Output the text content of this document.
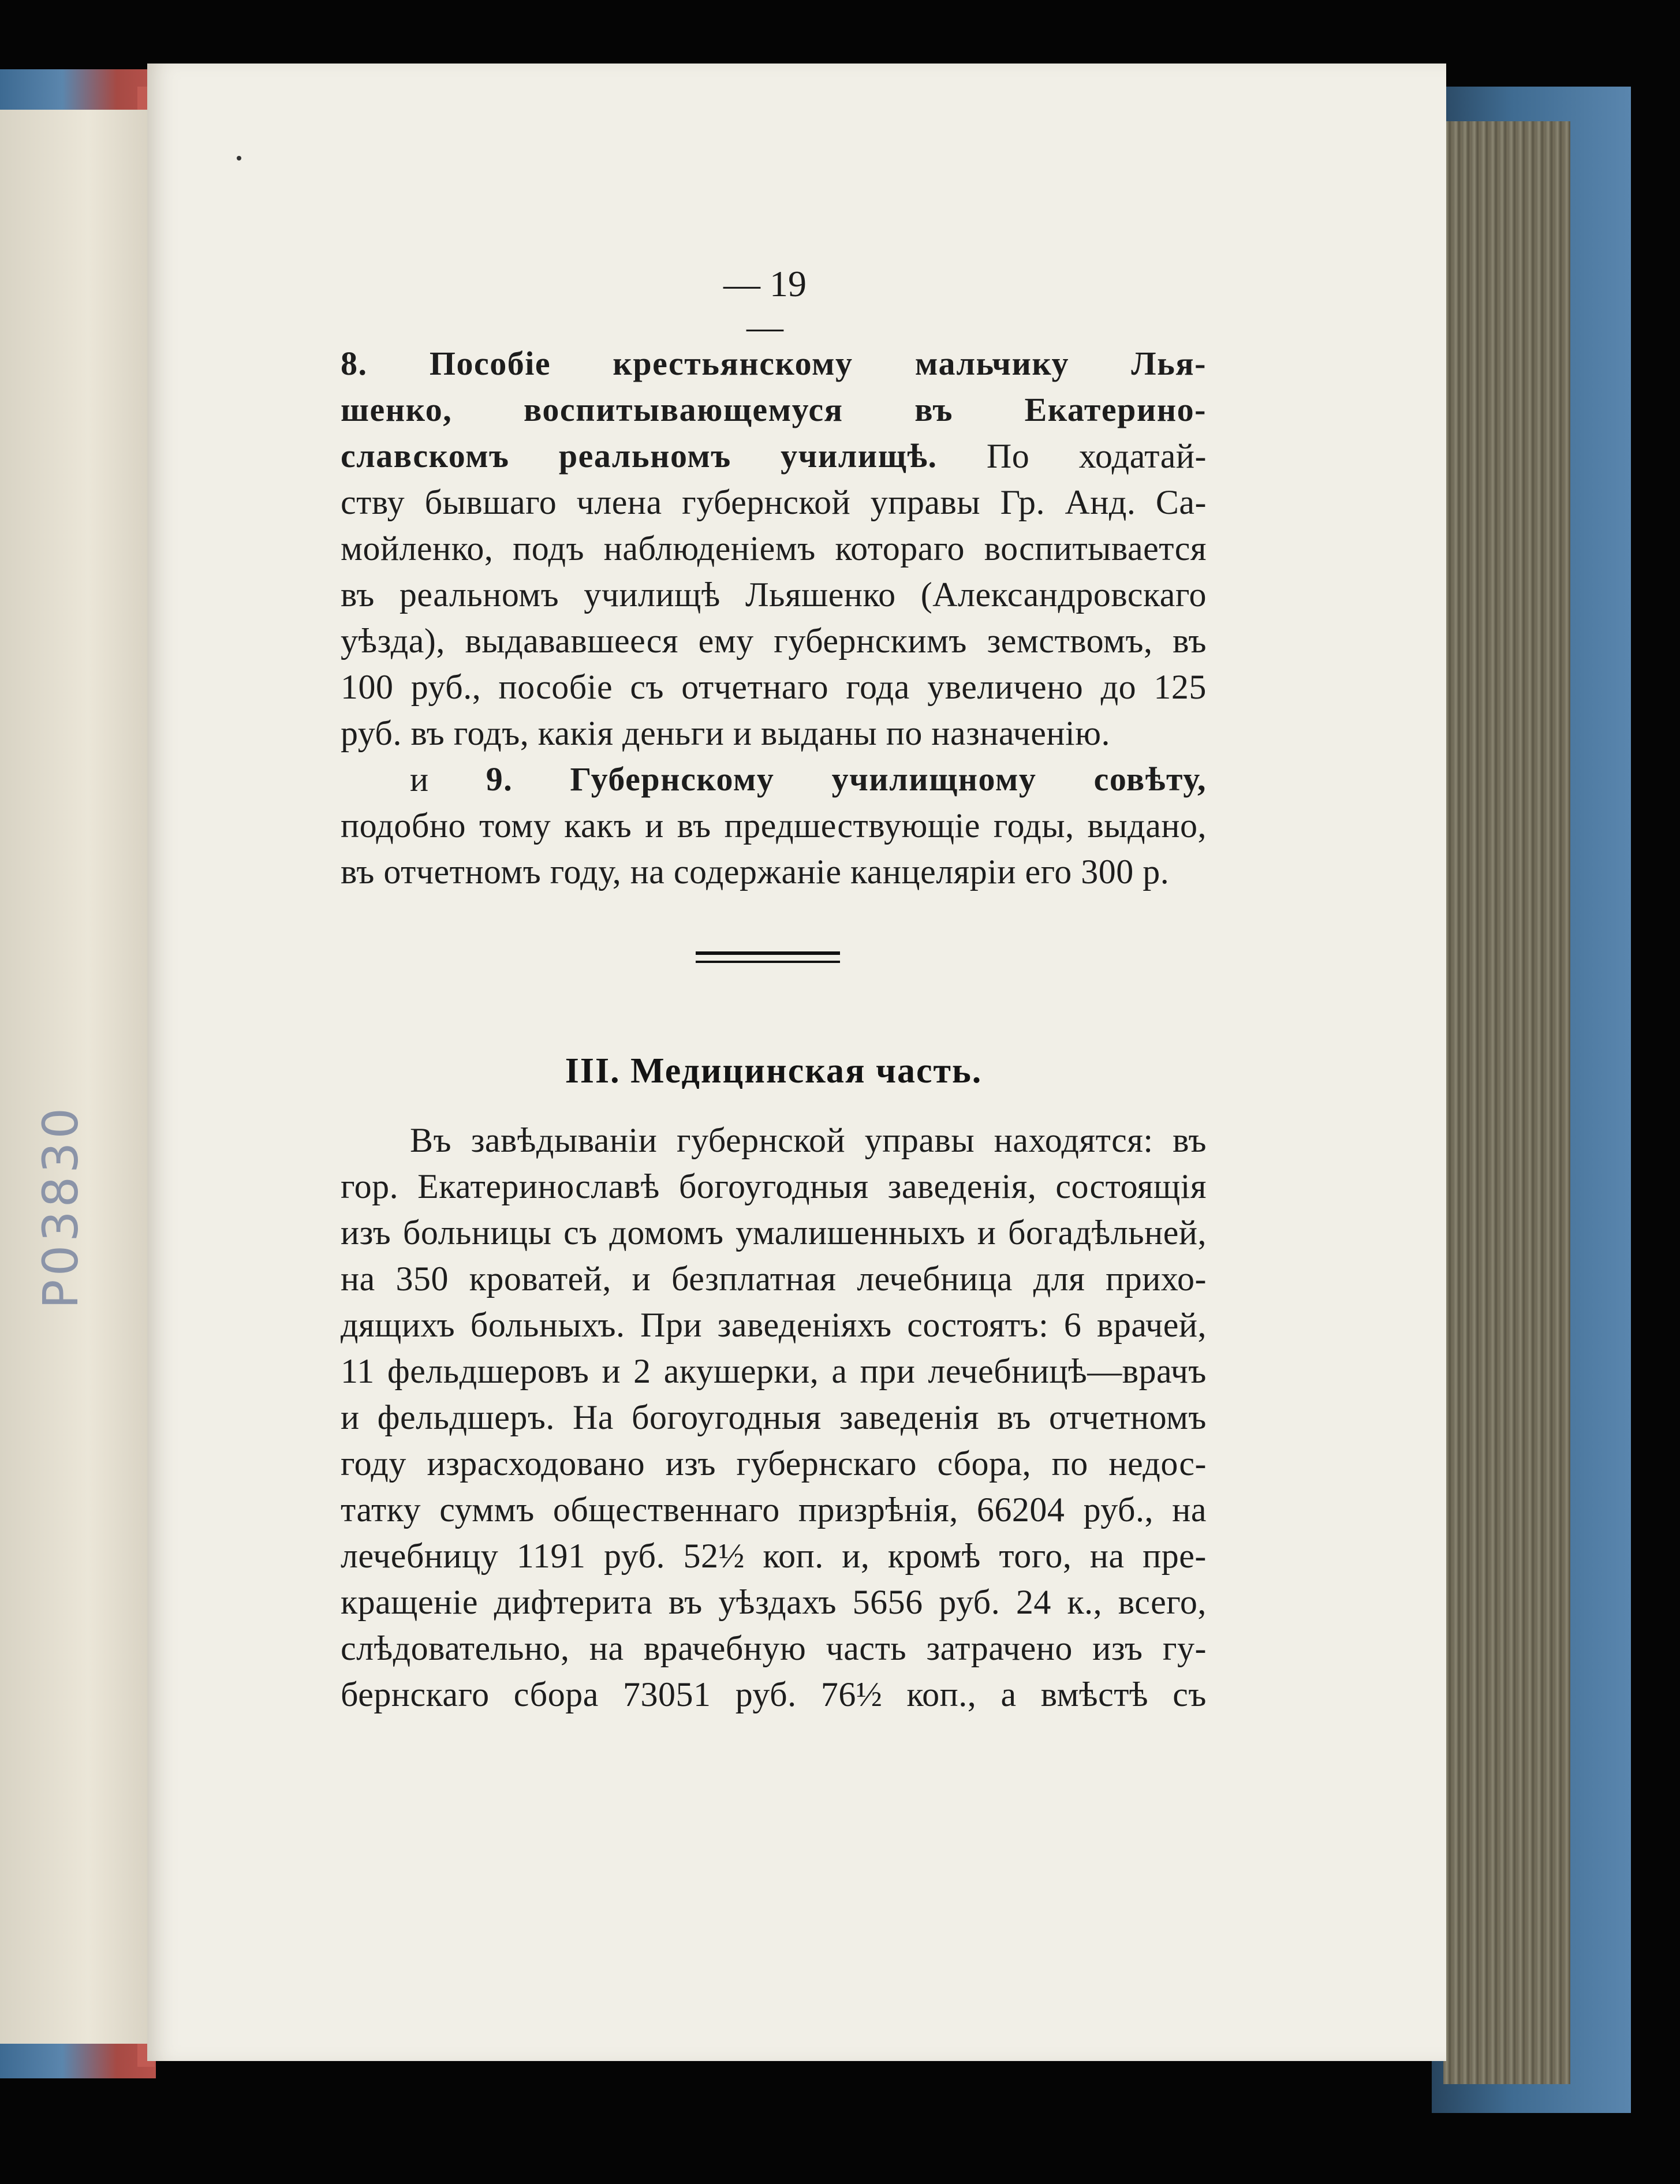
P03830
— 19 —
8. Пособіе крестьянскому мальчику Лья-
шенко, воспитывающемуся въ Екатерино-
славскомъ реальномъ училищѣ. По ходатай-
ству бывшаго члена губернской управы Гр. Анд. Са-
мойленко, подъ наблюденіемъ котораго воспитывается
въ реальномъ училищѣ Льяшенко (Александровскаго
уѣзда), выдававшееся ему губернскимъ земствомъ, въ
100 руб., пособіе съ отчетнаго года увеличено до 125
руб. въ годъ, какія деньги и выданы по назначенію.
и 9. Губернскому училищному совѣту,
подобно тому какъ и въ предшествующіе годы, выдано,
въ отчетномъ году, на содержаніе канцеляріи его 300 р.
III. Медицинская часть.
Въ завѣдываніи губернской управы находятся: въ
гор. Екатеринославѣ богоугодныя заведенія, состоящія
изъ больницы съ домомъ умалишенныхъ и богадѣльней,
на 350 кроватей, и безплатная лечебница для прихо-
дящихъ больныхъ. При заведеніяхъ состоятъ: 6 врачей,
11 фельдшеровъ и 2 акушерки, а при лечебницѣ—врачъ
и фельдшеръ. На богоугодныя заведенія въ отчетномъ
году израсходовано изъ губернскаго сбора, по недос-
татку суммъ общественнаго призрѣнія, 66204 руб., на
лечебницу 1191 руб. 52½ коп. и, кромѣ того, на пре-
кращеніе дифтерита въ уѣздахъ 5656 руб. 24 к., всего,
слѣдовательно, на врачебную часть затрачено изъ гу-
бернскаго сбора 73051 руб. 76½ коп., а вмѣстѣ съ
